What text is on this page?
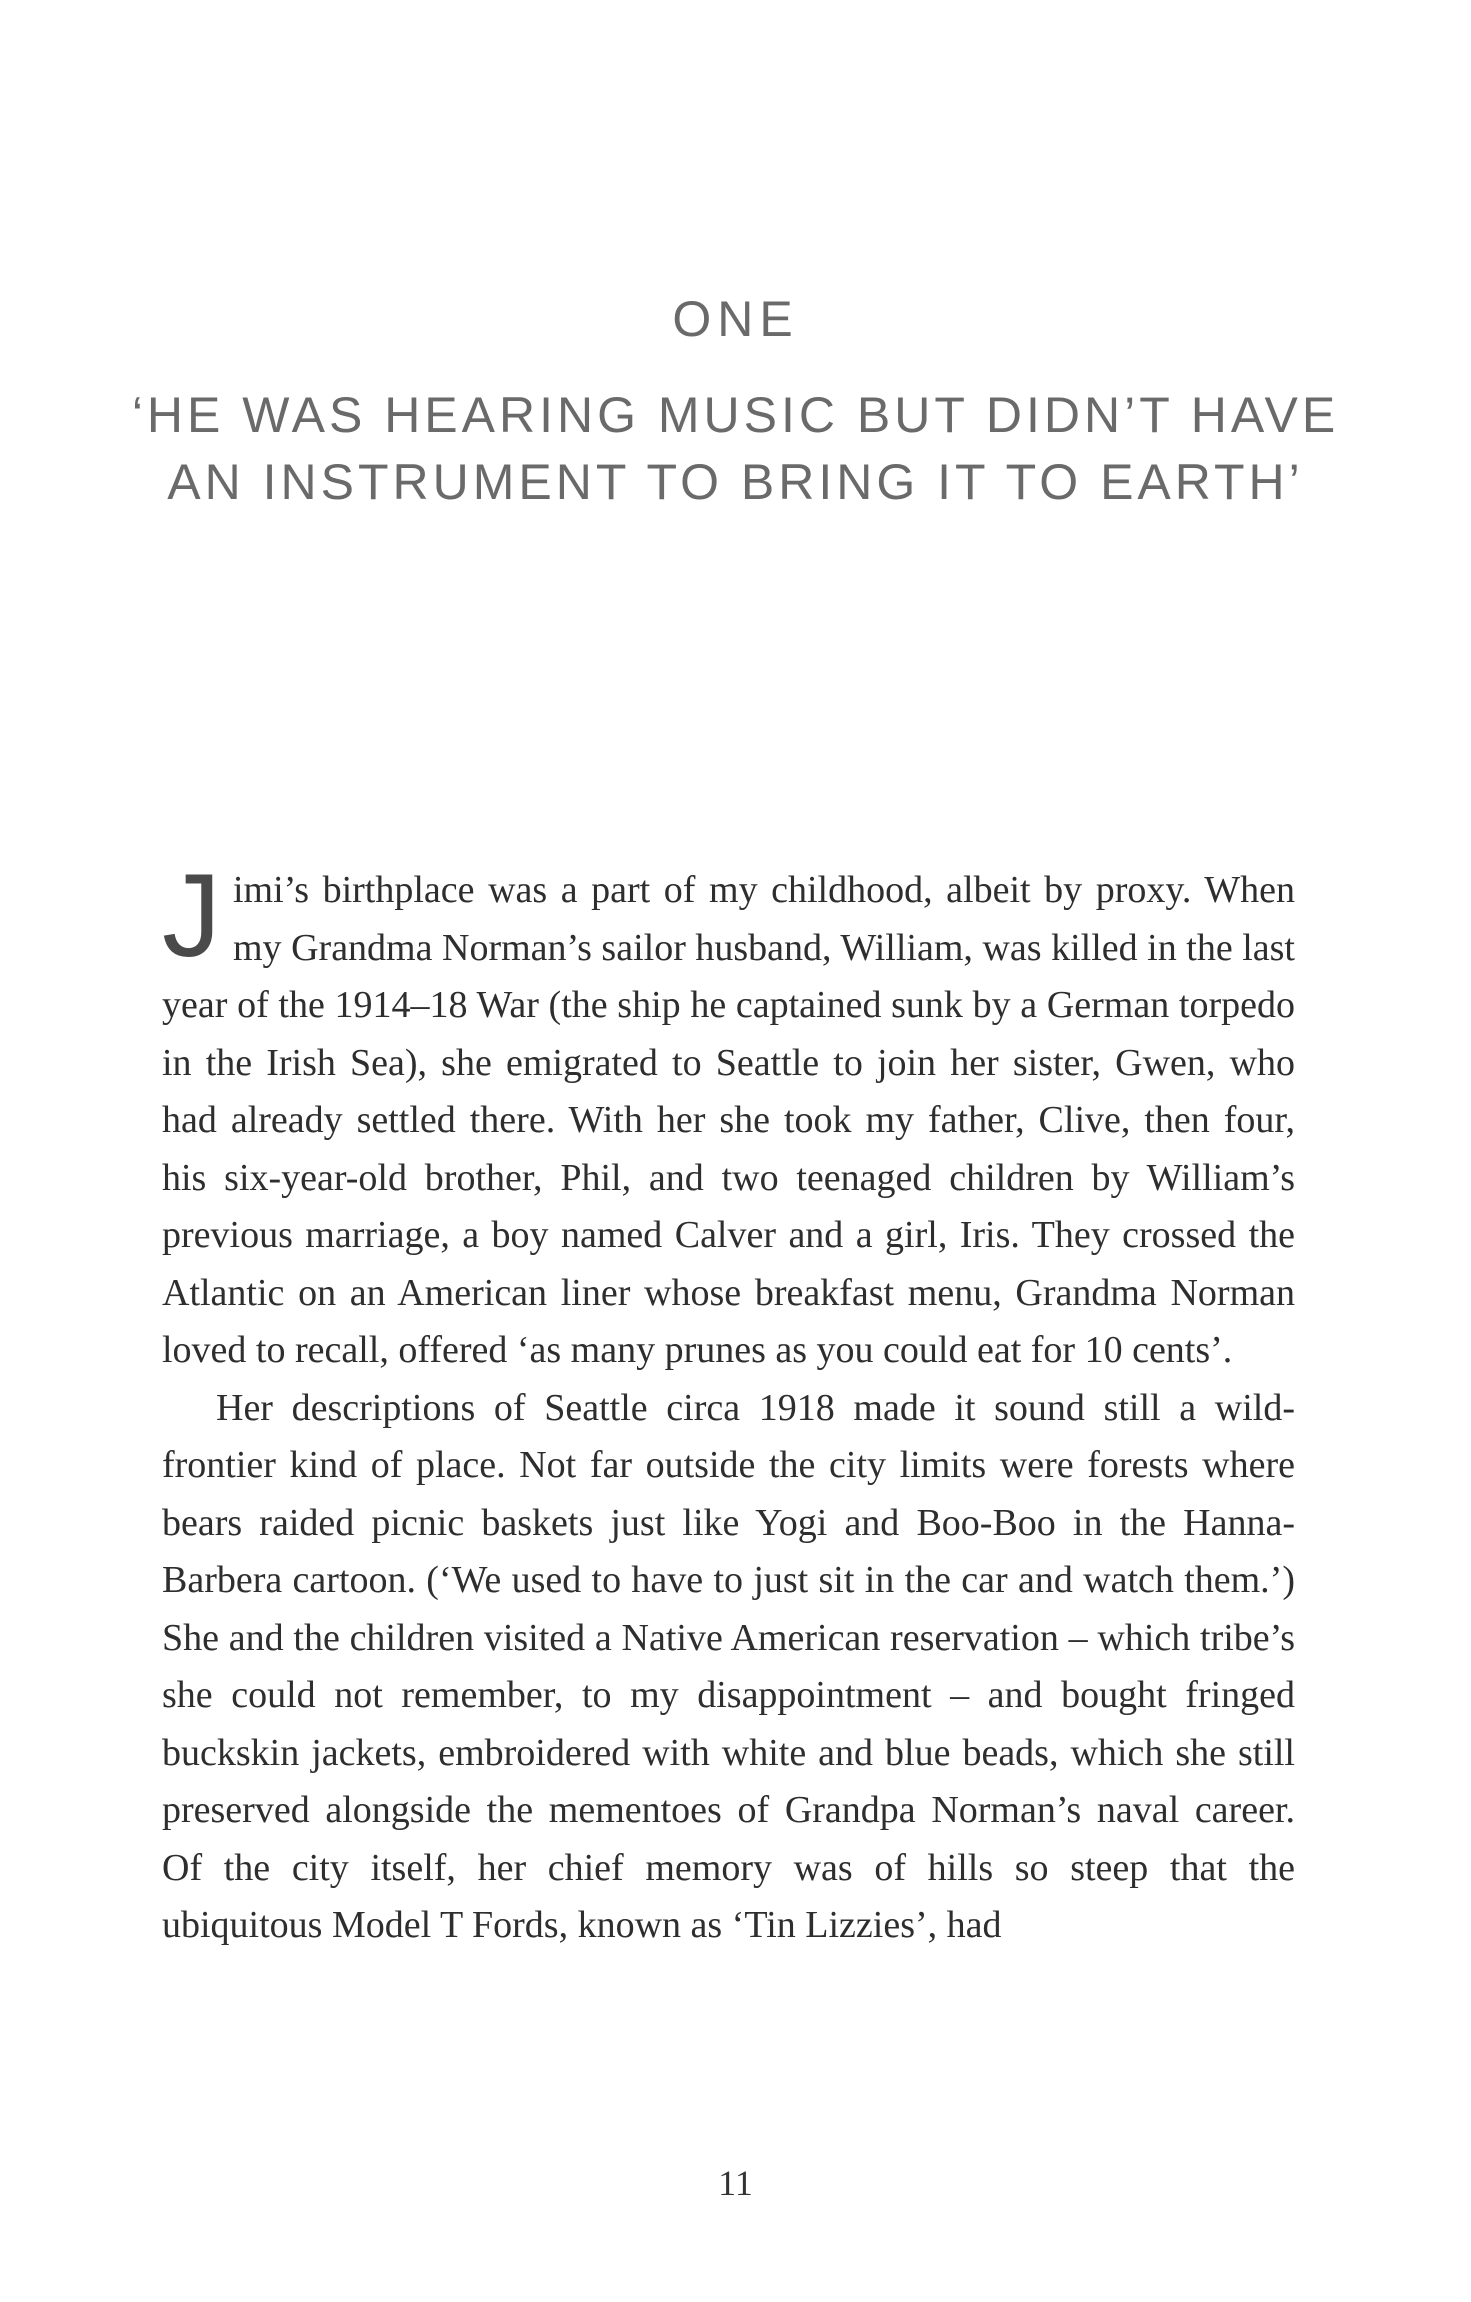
ONE
‘HE WAS HEARING MUSIC BUT DIDN’T HAVE AN INSTRUMENT TO BRING IT TO EARTH’

Jimi’s birthplace was a part of my childhood, albeit by proxy. When my Grandma Norman’s sailor husband, William, was killed in the last year of the 1914–18 War (the ship he captained sunk by a German torpedo in the Irish Sea), she emigrated to Seattle to join her sister, Gwen, who had already settled there. With her she took my father, Clive, then four, his six-year-old brother, Phil, and two teenaged children by William’s previous marriage, a boy named Calver and a girl, Iris. They crossed the Atlantic on an American liner whose breakfast menu, Grandma Norman loved to recall, offered ‘as many prunes as you could eat for 10 cents’.

Her descriptions of Seattle circa 1918 made it sound still a wild-frontier kind of place. Not far outside the city limits were forests where bears raided picnic baskets just like Yogi and Boo-Boo in the Hanna-Barbera cartoon. (‘We used to have to just sit in the car and watch them.’) She and the children visited a Native American reservation – which tribe’s she could not remember, to my disappointment – and bought fringed buckskin jackets, embroidered with white and blue beads, which she still preserved alongside the mementoes of Grandpa Norman’s naval career. Of the city itself, her chief memory was of hills so steep that the ubiquitous Model T Fords, known as ‘Tin Lizzies’, had

11
